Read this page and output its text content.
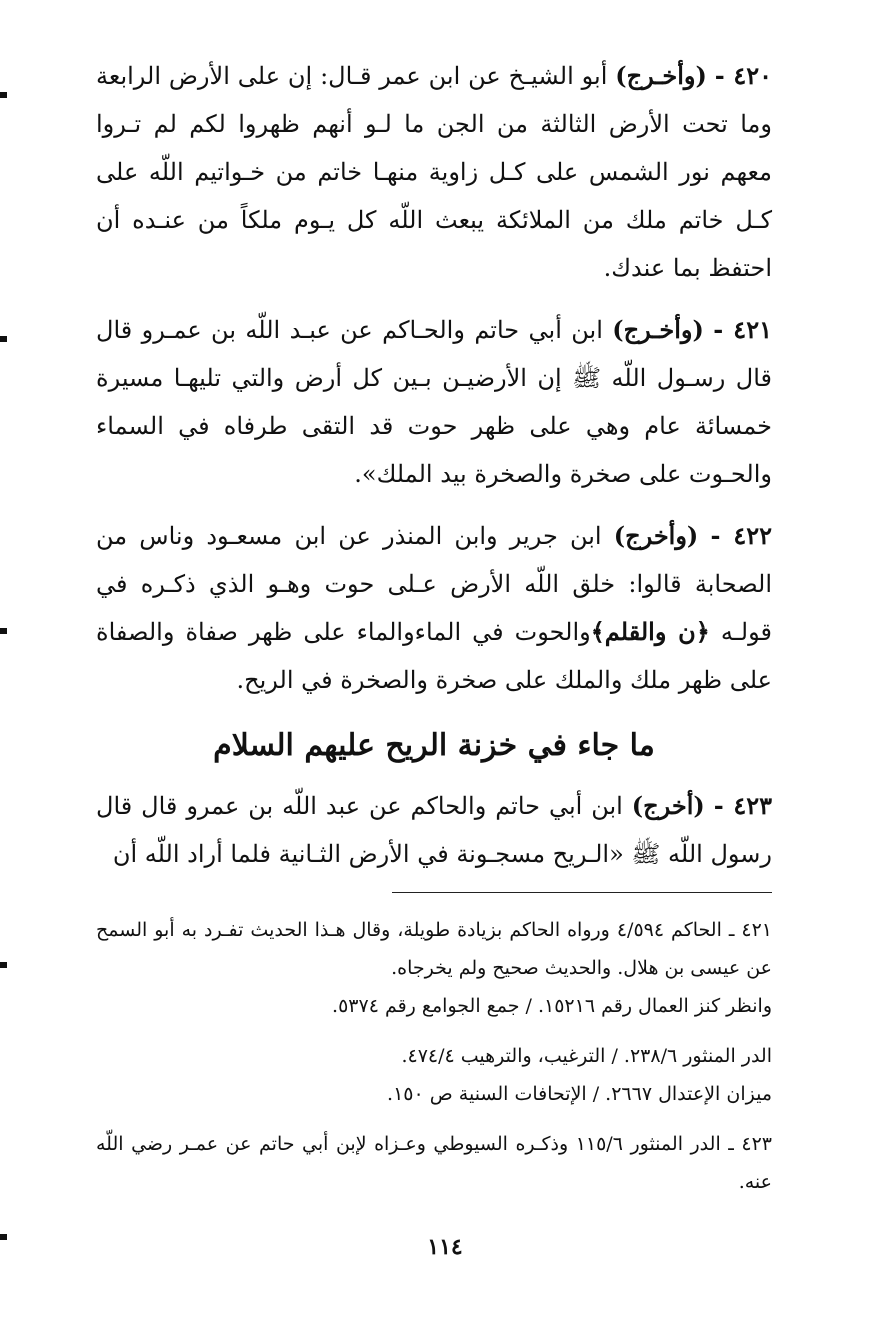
٤٢٠ - (وأخـرج) أبو الشيـخ عن ابن عمر قـال: إن على الأرض الرابعة وما تحت الأرض الثالثة من الجن ما لـو أنهم ظهروا لكم لم تـروا معهم نور الشمس على كـل زاوية منهـا خاتم من خـواتيم اللّه على كـل خاتم ملك من الملائكة يبعث اللّه كل يـوم ملكاً من عنـده أن احتفظ بما عندك.

٤٢١ - (وأخـرج) ابن أبي حاتم والحـاكم عن عبـد اللّه بن عمـرو قال قال رسـول اللّه ﷺ إن الأرضيـن بـين كل أرض والتي تليهـا مسيرة خمسائة عام وهي على ظهر حوت قد التقى طرفاه في السماء والحـوت على صخرة والصخرة بيد الملك».

٤٢٢ - (وأخرج) ابن جرير وابن المنذر عن ابن مسعـود وناس من الصحابة قالوا: خلق اللّه الأرض عـلى حوت وهـو الذي ذكـره في قولـه ﴿ن والقلم﴾والحوت في الماءوالماء على ظهر صفاة والصفاة على ظهر ملك والملك على صخرة والصخرة في الريح.

ما جاء في خزنة الريح عليهم السلام

٤٢٣ - (أخرج) ابن أبي حاتم والحاكم عن عبد اللّه بن عمرو قال قال رسول اللّه ﷺ «الـريح مسجـونة في الأرض الثـانية فلما أراد اللّه أن

٤٢١ ـ الحاكم ٤/٥٩٤ ورواه الحاكم بزيادة طويلة، وقال هـذا الحديث تفـرد به أبو السمح عن عيسى بن هلال. والحديث صحيح ولم يخرجاه.

وانظر كنز العمال رقم ١٥٢١٦. / جمع الجوامع رقم ٥٣٧٤.

الدر المنثور ٢٣٨/٦. / الترغيب، والترهيب ٤٧٤/٤.

ميزان الإعتدال ٢٦٦٧. / الإتحافات السنية ص ١٥٠.

٤٢٣ ـ الدر المنثور ١١٥/٦ وذكـره السيوطي وعـزاه لإبن أبي حاتم عن عمـر رضي اللّه عنه.

١١٤
